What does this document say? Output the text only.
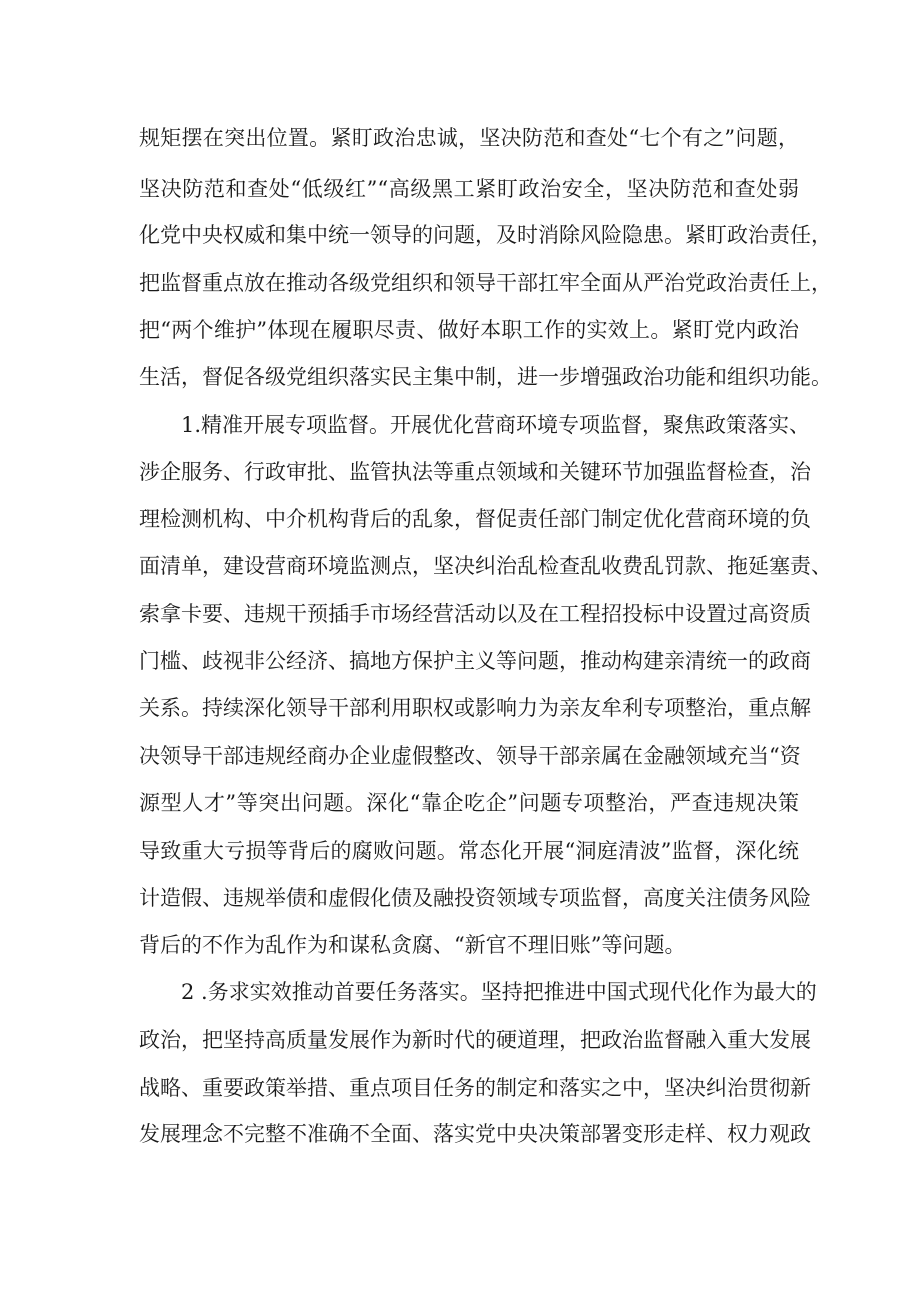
规矩摆在突出位置。紧盯政治忠诚，坚决防范和查处“七个有之”问题，
坚决防范和查处“低级红”“高级黑工紧盯政治安全，坚决防范和查处弱
化党中央权威和集中统一领导的问题，及时消除风险隐患。紧盯政治责任，
把监督重点放在推动各级党组织和领导干部扛牢全面从严治党政治责任上，
把“两个维护”体现在履职尽责、做好本职工作的实效上。紧盯党内政治
生活，督促各级党组织落实民主集中制，进一步增强政治功能和组织功能。
1.精准开展专项监督。开展优化营商环境专项监督，聚焦政策落实、
涉企服务、行政审批、监管执法等重点领域和关键环节加强监督检查，治
理检测机构、中介机构背后的乱象，督促责任部门制定优化营商环境的负
面清单，建设营商环境监测点，坚决纠治乱检查乱收费乱罚款、拖延塞责、
索拿卡要、违规干预插手市场经营活动以及在工程招投标中设置过高资质
门槛、歧视非公经济、搞地方保护主义等问题，推动构建亲清统一的政商
关系。持续深化领导干部利用职权或影响力为亲友牟利专项整治，重点解
决领导干部违规经商办企业虚假整改、领导干部亲属在金融领域充当“资
源型人才”等突出问题。深化“靠企吃企”问题专项整治，严查违规决策
导致重大亏损等背后的腐败问题。常态化开展“洞庭清波”监督，深化统
计造假、违规举债和虚假化债及融投资领域专项监督，高度关注债务风险
背后的不作为乱作为和谋私贪腐、“新官不理旧账”等问题。
2 .务求实效推动首要任务落实。坚持把推进中国式现代化作为最大的
政治，把坚持高质量发展作为新时代的硬道理，把政治监督融入重大发展
战略、重要政策举措、重点项目任务的制定和落实之中，坚决纠治贯彻新
发展理念不完整不准确不全面、落实党中央决策部署变形走样、权力观政
